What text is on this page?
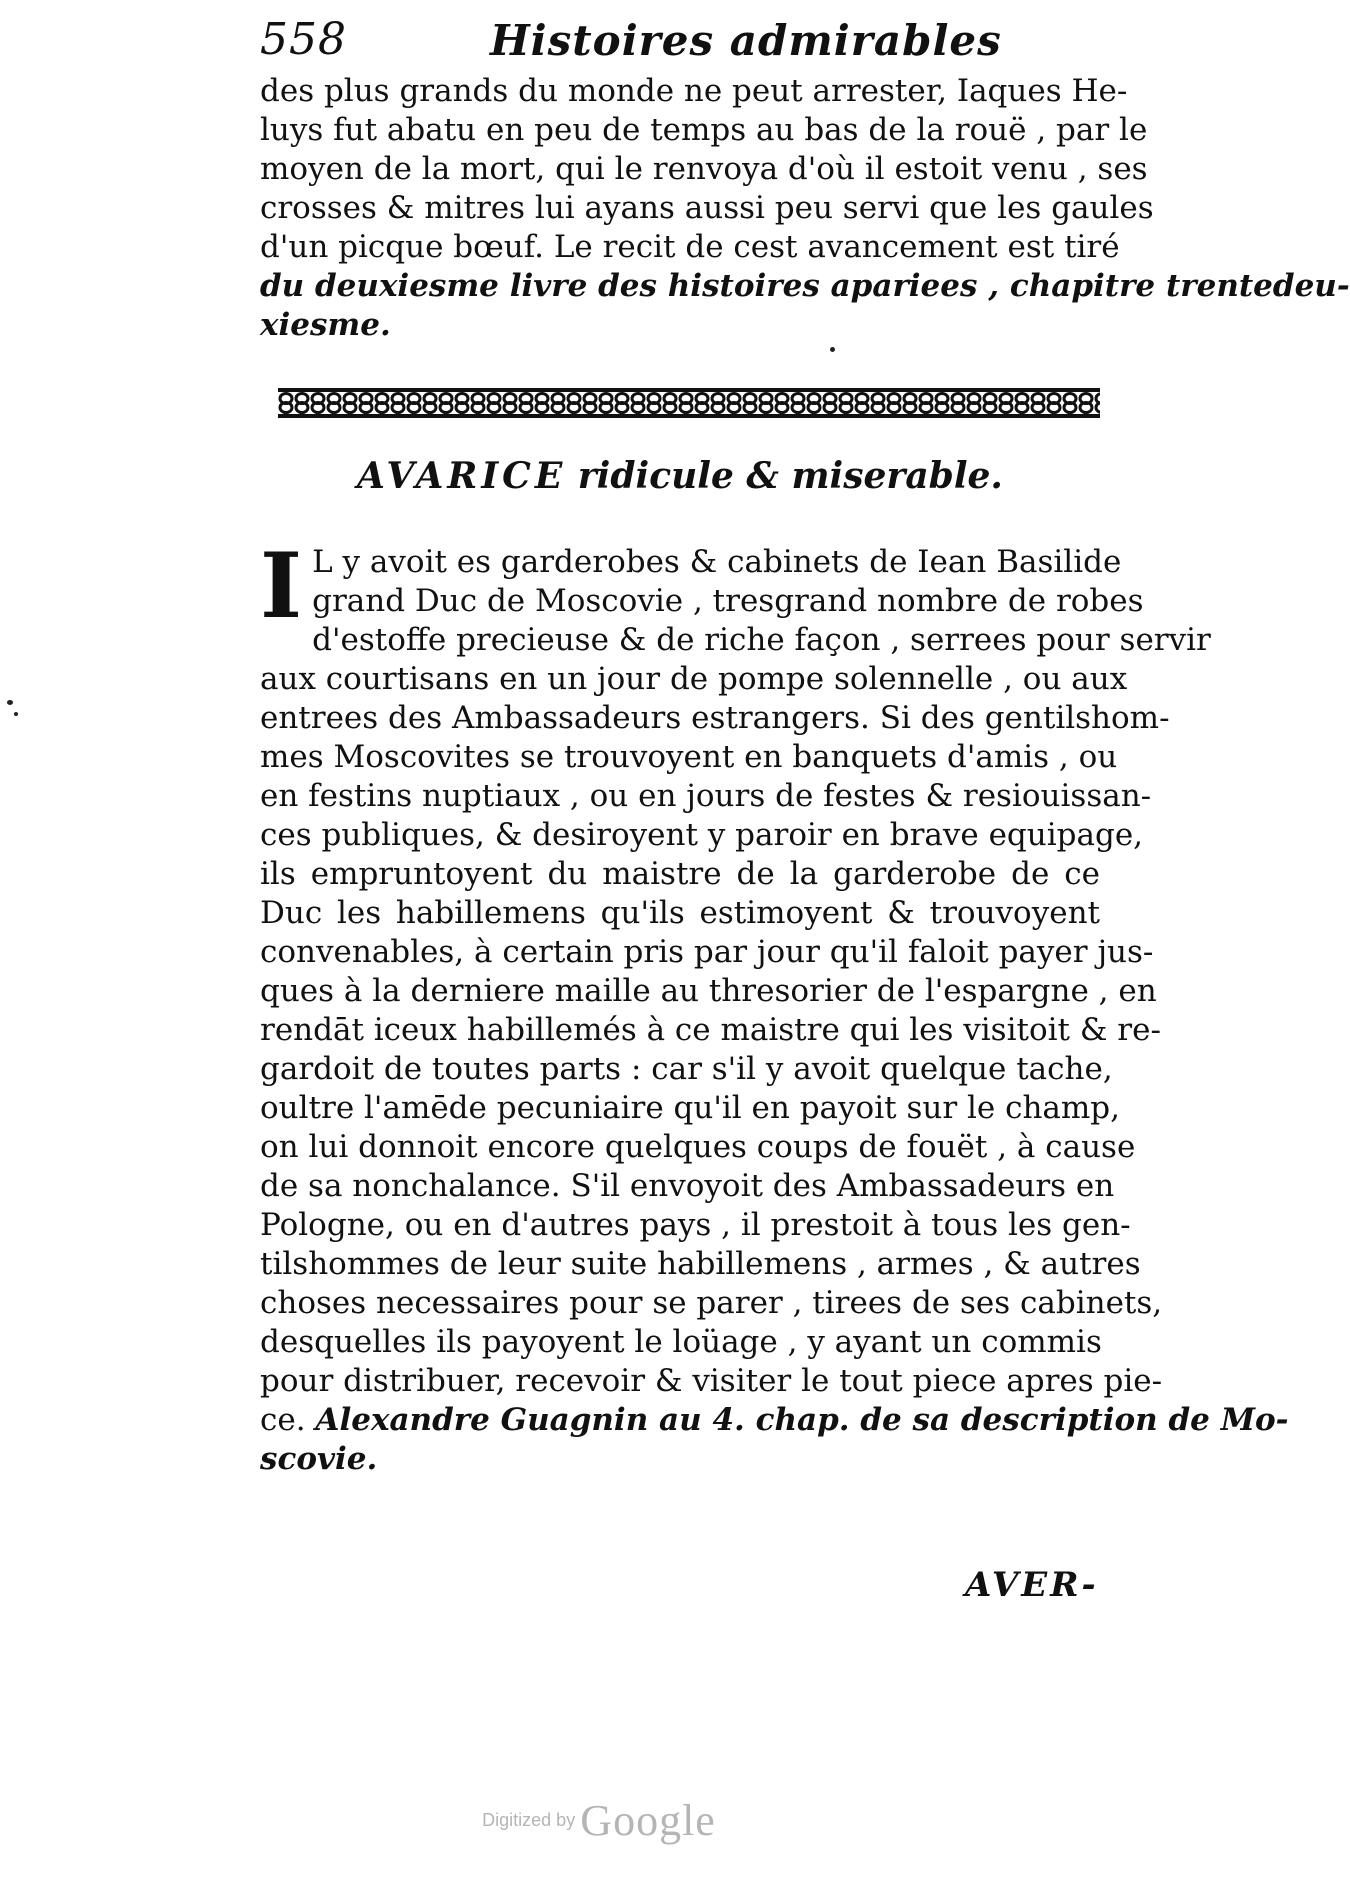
558	Histoires admirables
des plus grands du monde ne peut arrester, Iaques He-
luys fut abatu en peu de temps au bas de la rouë , par le
moyen de la mort, qui le renvoya d'où il estoit venu , ses
crosses & mitres lui ayans aussi peu servi que les gaules
d'un picque bœuf. Le recit de cest avancement est tiré
du deuxiesme livre des histoires apariees , chapitre trentedeu-
xiesme.
AVARICE ridicule & miserable.
I L y avoit es garderobes & cabinets de Iean Basilide
grand Duc de Moscovie , tresgrand nombre de robes
d'estoffe precieuse & de riche façon , serrees pour servir
aux courtisans en un jour de pompe solennelle , ou aux
entrees des Ambassadeurs estrangers. Si des gentilshom-
mes Moscovites se trouvoyent en banquets d'amis , ou
en festins nuptiaux , ou en jours de festes & resiouissan-
ces publiques, & desiroyent y paroir en brave equipage,
ils empruntoyent du maistre de la garderobe de ce
Duc les habillemens qu'ils estimoyent & trouvoyent
convenables, à certain pris par jour qu'il faloit payer jus-
ques à la derniere maille au thresorier de l'espargne , en
rendāt iceux habillemés à ce maistre qui les visitoit & re-
gardoit de toutes parts : car s'il y avoit quelque tache,
oultre l'amēde pecuniaire qu'il en payoit sur le champ,
on lui donnoit encore quelques coups de fouët , à cause
de sa nonchalance. S'il envoyoit des Ambassadeurs en
Pologne, ou en d'autres pays , il prestoit à tous les gen-
tilshommes de leur suite habillemens , armes , & autres
choses necessaires pour se parer , tirees de ses cabinets,
desquelles ils payoyent le loüage , y ayant un commis
pour distribuer, recevoir & visiter le tout piece apres pie-
ce. Alexandre Guagnin au 4. chap. de sa description de Mo-
scovie.
AVER-
Digitized by Google
